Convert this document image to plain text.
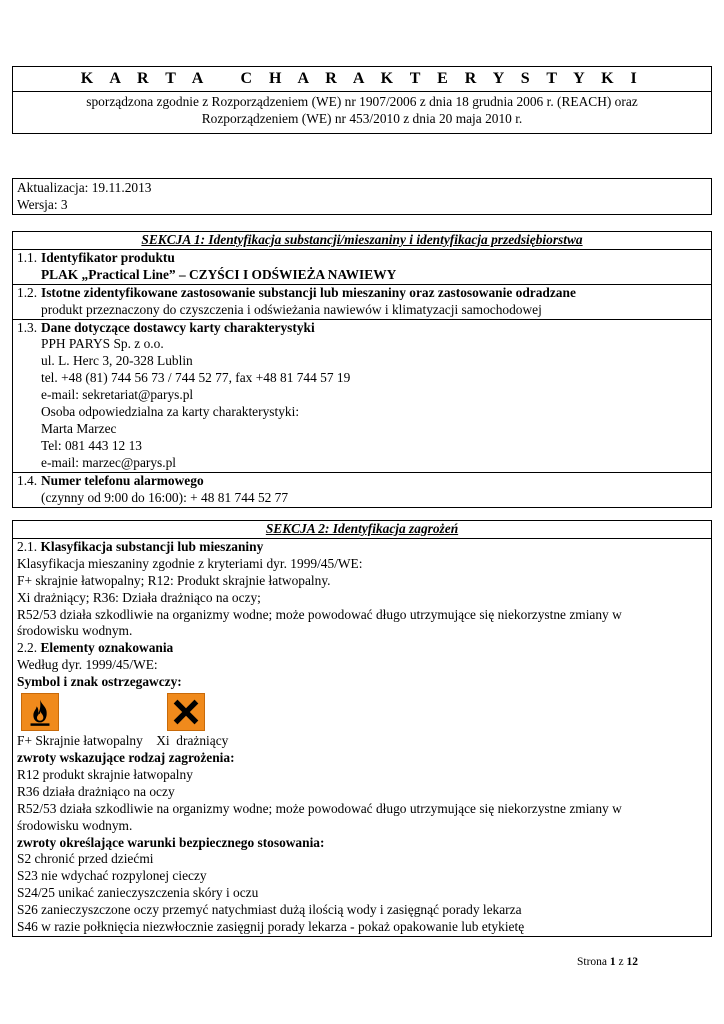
K A R T A   C H A R A K T E R Y S T Y K I
sporządzona zgodnie z Rozporządzeniem (WE) nr 1907/2006 z dnia 18 grudnia 2006 r. (REACH) oraz
Rozporządzeniem (WE) nr 453/2010 z dnia 20 maja 2010 r.
Aktualizacja: 19.11.2013
Wersja: 3
SEKCJA 1: Identyfikacja substancji/mieszaniny i identyfikacja przedsiębiorstwa
1.1. Identyfikator produktu
PLAK „Practical Line” – CZYŚCI I ODŚWIEŻA NAWIEWY
1.2. Istotne zidentyfikowane zastosowanie substancji lub mieszaniny oraz zastosowanie odradzane
produkt przeznaczony do czyszczenia i odświeżania nawiewów i klimatyzacji samochodowej
1.3. Dane dotyczące dostawcy karty charakterystyki
PPH PARYS Sp. z o.o.
ul. L. Herc 3, 20-328 Lublin
tel. +48 (81) 744 56 73 / 744 52 77, fax +48 81 744 57 19
e-mail: sekretariat@parys.pl
Osoba odpowiedzialna za karty charakterystyki:
Marta Marzec
Tel: 081 443 12 13
e-mail: marzec@parys.pl
1.4. Numer telefonu alarmowego
(czynny od 9:00 do 16:00): + 48 81 744 52 77
SEKCJA 2: Identyfikacja zagrożeń
2.1. Klasyfikacja substancji lub mieszaniny
Klasyfikacja mieszaniny zgodnie z kryteriami dyr. 1999/45/WE:
F+ skrajnie łatwopalny; R12: Produkt skrajnie łatwopalny.
Xi drażniący; R36: Działa drażniąco na oczy;
R52/53 działa szkodliwie na organizmy wodne; może powodować długo utrzymujące się niekorzystne zmiany w
środowisku wodnym.
2.2. Elementy oznakowania
Według dyr. 1999/45/WE:
Symbol i znak ostrzegawczy:
F+ Skrajnie łatwopalny    Xi  drażniący
zwroty wskazujące rodzaj zagrożenia:
R12 produkt skrajnie łatwopalny
R36 działa drażniąco na oczy
R52/53 działa szkodliwie na organizmy wodne; może powodować długo utrzymujące się niekorzystne zmiany w
środowisku wodnym.
zwroty określające warunki bezpiecznego stosowania:
S2 chronić przed dziećmi
S23 nie wdychać rozpylonej cieczy
S24/25 unikać zanieczyszczenia skóry i oczu
S26 zanieczyszczone oczy przemyć natychmiast dużą ilością wody i zasięgnąć porady lekarza
S46 w razie połknięcia niezwłocznie zasięgnij porady lekarza - pokaż opakowanie lub etykietę
Strona 1 z 12
